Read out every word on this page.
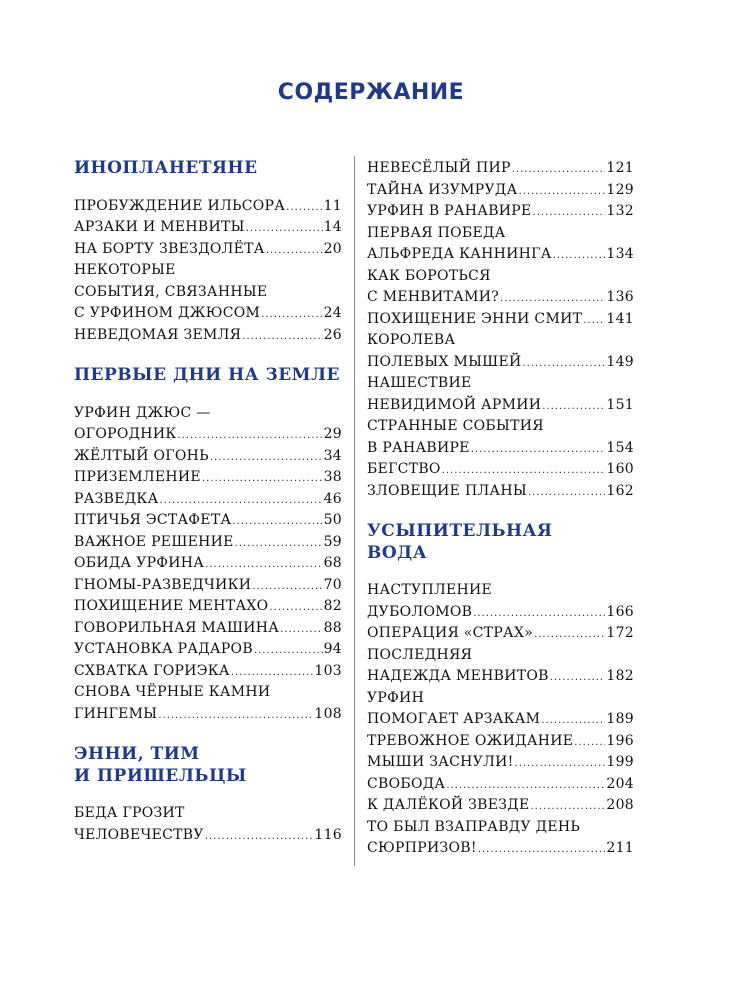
СОДЕРЖАНИЕ
ИНОПЛАНЕТЯНЕ
ПРОБУЖДЕНИЕ ИЛЬСОРА .....	11
АРЗАКИ И МЕНВИТЫ .....	14
НА БОРТУ ЗВЕЗДОЛЁТА .....	20
НЕКОТОРЫЕ
СОБЫТИЯ, СВЯЗАННЫЕ
С УРФИНОМ ДЖЮСОМ .....	24
НЕВЕДОМАЯ ЗЕМЛЯ .....	26
ПЕРВЫЕ ДНИ НА ЗЕМЛЕ
УРФИН ДЖЮС —
ОГОРОДНИК .....	29
ЖЁЛТЫЙ ОГОНЬ .....	34
ПРИЗЕМЛЕНИЕ .....	38
РАЗВЕДКА .....	46
ПТИЧЬЯ ЭСТАФЕТА .....	50
ВАЖНОЕ РЕШЕНИЕ .....	59
ОБИДА УРФИНА .....	68
ГНОМЫ-РАЗВЕДЧИКИ .....	70
ПОХИЩЕНИЕ МЕНТАХО .....	82
ГОВОРИЛЬНАЯ МАШИНА .....	88
УСТАНОВКА РАДАРОВ .....	94
СХВАТКА ГОРИЭКА .....	103
СНОВА ЧЁРНЫЕ КАМНИ
ГИНГЕМЫ .....	108
ЭННИ, ТИМ
И ПРИШЕЛЬЦЫ
БЕДА ГРОЗИТ
ЧЕЛОВЕЧЕСТВУ .....	116
НЕВЕСЁЛЫЙ ПИР .....	121
ТАЙНА ИЗУМРУДА .....	129
УРФИН В РАНАВИРЕ .....	132
ПЕРВАЯ ПОБЕДА
АЛЬФРЕДА КАННИНГА .....	134
КАК БОРОТЬСЯ
С МЕНВИТАМИ? .....	136
ПОХИЩЕНИЕ ЭННИ СМИТ ..... 141
КОРОЛЕВА
ПОЛЕВЫХ МЫШЕЙ .....	149
НАШЕСТВИЕ
НЕВИДИМОЙ АРМИИ .....	151
СТРАННЫЕ СОБЫТИЯ
В РАНАВИРЕ .....	154
БЕГСТВО .....	160
ЗЛОВЕЩИЕ ПЛАНЫ .....	162
УСЫПИТЕЛЬНАЯ
ВОДА
НАСТУПЛЕНИЕ
ДУБОЛОМОВ .....	166
ОПЕРАЦИЯ «СТРАХ» .....	172
ПОСЛЕДНЯЯ
НАДЕЖДА МЕНВИТОВ .....	182
УРФИН
ПОМОГАЕТ АРЗАКАМ .....	189
ТРЕВОЖНОЕ ОЖИДАНИЕ ..... 196
МЫШИ ЗАСНУЛИ! .....	199
СВОБОДА .....	204
К ДАЛЁКОЙ ЗВЕЗДЕ .....	208
ТО БЫЛ ВЗАПРАВДУ ДЕНЬ
СЮРПРИЗОВ! .....	211
